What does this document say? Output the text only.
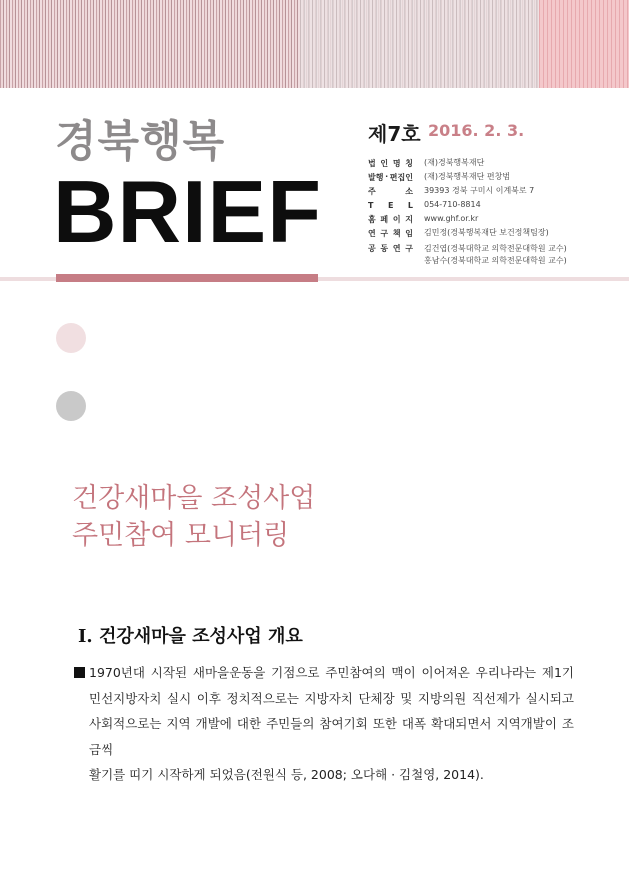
경북행복
BRIEF
제7호 2016. 2. 3.
법 인 명 칭 (재)경북행복재단
발행 · 편집인 (재)경북행복재단 편창범
주	소 39393 경북 구미시 이계북로 7
T E L 054-710-8814
홈 페 이 지 www.ghf.or.kr
연 구 책 임 김민정(경북행복재단 보건정책팀장)
공 동 연 구 김건엽(경북대학교 의학전문대학원 교수)
홍남수(경북대학교 의학전문대학원 교수)
건강새마을 조성사업
주민참여 모니터링
Ⅰ. 건강새마을 조성사업 개요
1970년대 시작된 새마을운동을 기점으로 주민참여의 맥이 이어져온 우리나라는 제1기
민선지방자치 실시 이후 정치적으로는 지방자치 단체장 및 지방의원 직선제가 실시되고
사회적으로는 지역 개발에 대한 주민들의 참여기회 또한 대폭 확대되면서 지역개발이 조금씩
활기를 띠기 시작하게 되었음(전원식 등, 2008; 오다해 · 김철영, 2014).
